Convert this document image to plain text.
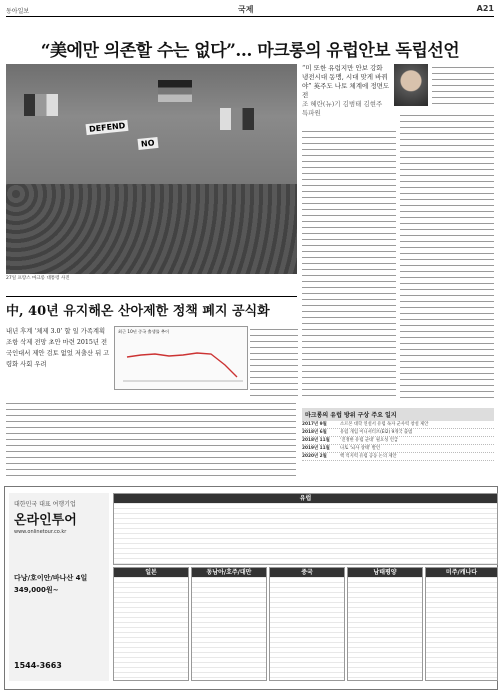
동아일보	국제	A21
“美에만 의존할 수는 없다”… 마크롱의 유럽안보 독립선언
DEFEND
NO
27일 프랑스 마크롱 대통령 사진
“미 또한 유럽지만 안보 강화 냉전시대 동맹, 시대 맞게 바꿔야” 英주도 나토 체계에 정면도전
조 혜란(뉴)기 김범태 김현주 특파원

中, 40년 유지해온 산아제한 정책 폐지 공식화
내년 후계 ‘체제 3.0’ 할 일 가족계획 조항 삭제 전망 초안 마련 2015년 전국인대서 제안 검토 없었 저출산 뒤 고령화 사회 우려
최근 10년 중국 출생률 추이

마크롱의 유럽 방위 구상 주요 일지
2017년 9월	소르본 대학 연설서 유럽 독자 군사력 창설 제안
2018년 6월	유럽 개입 이니셔티브(EI2) 9개국 출범
2018년 11월	‘진정한 유럽 군대’ 필요성 언급
2019년 11월	나토 ‘뇌사 상태’ 발언
2020년 2월	핵 억지력 유럽 공동 논의 제안
대한민국 대표 여행기업
온라인투어
www.onlinetour.co.kr
다낭/호이안/바나산 4일
349,000원~
1544-3663
유럽
일본	동남아/호주/대만	중국	남태평양	미주/캐나다
